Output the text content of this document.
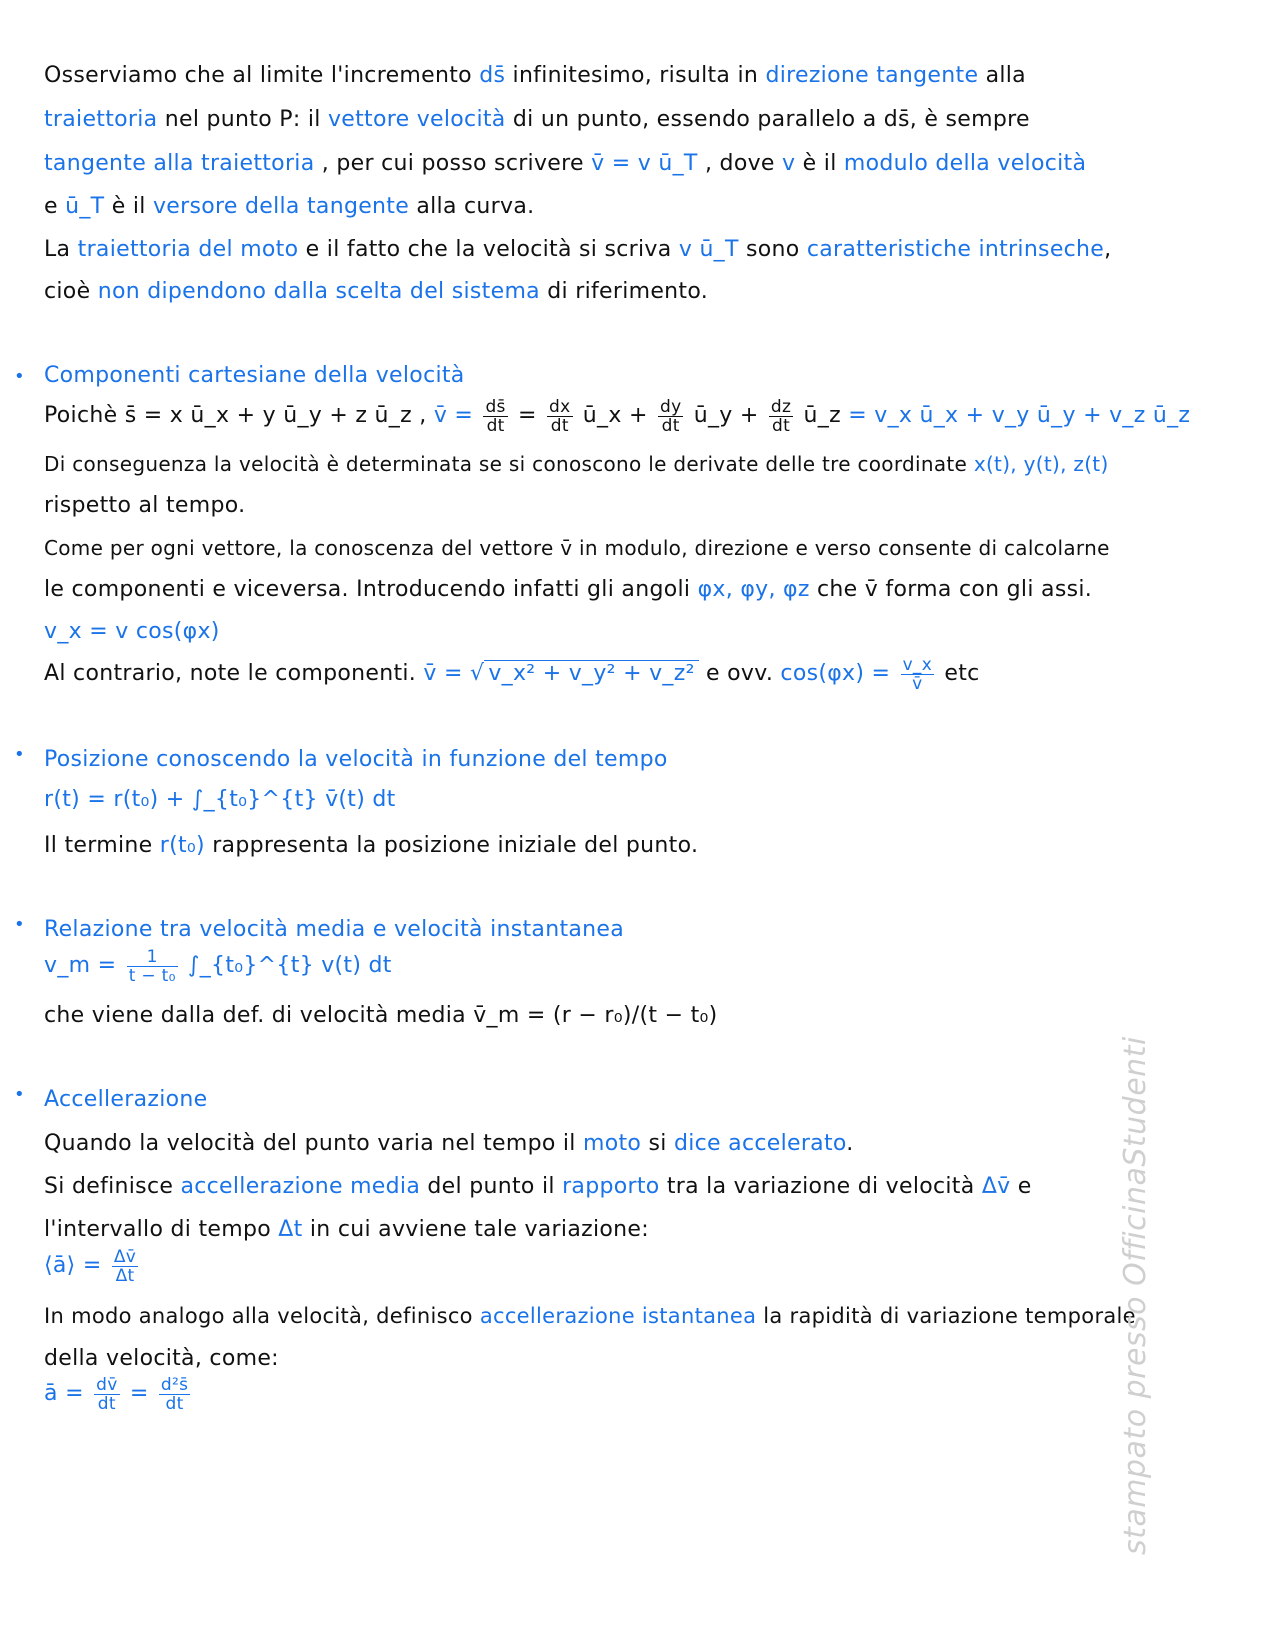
Osserviamo che al limite l'incremento ds̄ infinitesimo, risulta in direzione tangente alla
traiettoria nel punto P: il vettore velocità di un punto, essendo parallelo a ds̄, è sempre
tangente alla traiettoria , per cui posso scrivere v̄ = v ū_T , dove v è il modulo della velocità
e ū_T è il versore della tangente alla curva.
La traiettoria del moto e il fatto che la velocità si scriva v ū_T sono caratteristiche intrinseche,
cioè non dipendono dalla scelta del sistema di riferimento.
• Componenti cartesiane della velocità
Poichè s̄ = x ū_x + y ū_y + z ū_z , v̄ = $\frac{ds̄}{dt} = \frac{dx}{dt}$ ū_x + $\frac{dy}{dt}$ ū_y + $\frac{dz}{dt}$ ū_z = v_x ū_x + v_y ū_y + v_z ū_z
Di conseguenza la velocità è determinata se si conoscono le derivate delle tre coordinate x(t), y(t), z(t)
rispetto al tempo.
Come per ogni vettore, la conoscenza del vettore v̄ in modulo, direzione e verso consente di calcolarne
le componenti e viceversa. Introducendo infatti gli angoli φx, φy, φz che v̄ forma con gli assi.
v_x = v cos(φx)
Al contrario, note le componenti. v̄ = √ v_x² + v_y² + v_z² e ovv. $\cos(\varphi x) = \frac{v\_x}{v̄}$ etc
• Posizione conoscendo la velocità in funzione del tempo
r(t) = r(t₀) + ∫_{t₀}^{t} v̄(t) dt
Il termine r(t₀) rappresenta la posizione iniziale del punto.
• Relazione tra velocità media e velocità instantanea
v_m = $\frac{1}{\text{t − t₀}}$ ∫_{t₀}^{t} v(t) dt
che viene dalla def. di velocità media v̄_m = (r − r₀)/(t − t₀)
• Accellerazione
Quando la velocità del punto varia nel tempo il moto si dice accelerato.
Si definisce accellerazione media del punto il rapporto tra la variazione di velocità Δv̄ e
l'intervallo di tempo Δt in cui avviene tale variazione:
⟨ā⟩ = $\frac{\Delta v̄}{\Delta t}$
In modo analogo alla velocità, definisco accellerazione istantanea la rapidità di variazione temporale
della velocità, come:
ā = $\frac{dv̄}{dt} = \frac{\text{d²s̄}}{dt}$	stampato presso OfficinaStudenti
